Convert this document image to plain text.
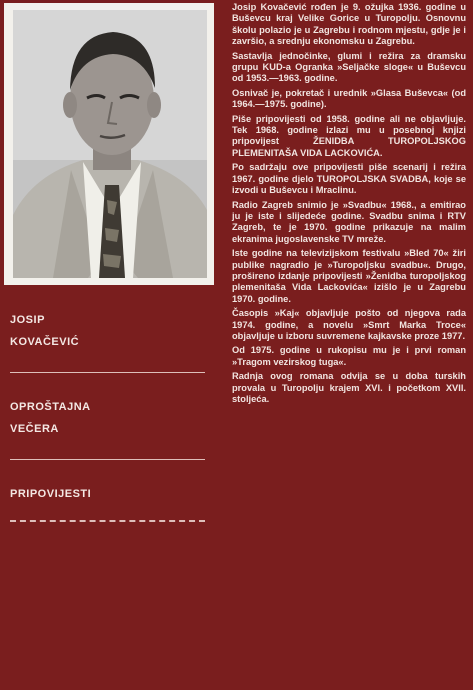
JOSIP
KOVAČEVIĆ
OPROŠTAJNA
VEČERA
PRIPOVIJESTI

Josip Kovačević rođen je 9. ožujka 1936. godine u Buševcu kraj Velike Gorice u Turopolju. Osnovnu školu polazio je u Zagrebu i rodnom mjestu, gdje je i završio, a srednju ekonomsku u Zagrebu.

Sastavlja jednočinke, glumi i režira za dramsku grupu KUD-a Ogranka »Seljačke sloge« u Buševcu od 1953.—1963. godine.

Osnivač je, pokretač i urednik »Glasa Buševca« (od 1964.—1975. godine).

Piše pripovijesti od 1958. godine ali ne objavljuje. Tek 1968. godine izlazi mu u posebnoj knjizi pripovijest ŽENIDBA TUROPOLJSKOG PLEMENITAŠA VIDA LACKOVIĆA.

Po sadržaju ove pripovijesti piše scenarij i režira 1967. godine djelo TUROPOLJSKA SVADBA, koje se izvodi u Buševcu i Mraclinu.

Radio Zagreb snimio je »Svadbu« 1968., a emitirao ju je iste i slijedeće godine. Svadbu snima i RTV Zagreb, te je 1970. godine prikazuje na malim ekranima jugoslavenske TV mreže.

Iste godine na televizijskom festivalu »Bled 70« žiri publike nagradio je »Turopoljsku svadbu«. Drugo, prošireno izdanje pripovijesti »Ženidba turopoljskog plemenitaša Vida Lackovića« izišlo je u Zagrebu 1970. godine.

Časopis »Kaj« objavljuje pošto od njegova rada 1974. godine, a novelu »Smrt Marka Troce« objavljuje u izboru suvremene kajkavske proze 1977.

Od 1975. godine u rukopisu mu je i prvi roman »Tragom vezirskog tuga«.

Radnja ovog romana odvija se u doba turskih provala u Turopolju krajem XVI. i početkom XVII. stoljeća.
